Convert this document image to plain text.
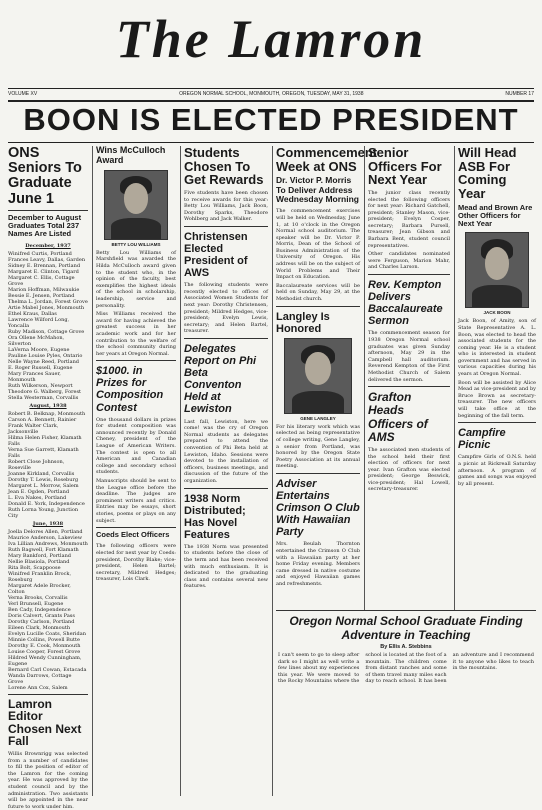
The Lamron
VOLUME XV	OREGON NORMAL SCHOOL, MONMOUTH, OREGON, TUESDAY, MAY 31, 1938	NUMBER 17
BOON IS ELECTED PRESIDENT
ONS Seniors To Graduate June 1
December to August Graduates Total 237 Names Are Listed
December, 1937
Winifred Curtis, Portland
Frances Leavy, Dallas, Garden
Sidney E. Brennan, Portland
Margaret E. Clinton, Tigard
Margaret C. Ellis, Cottage Grove
Marion Hoffman, Milwaukie
Bessie E. Jensen, Portland
Thelma L. Jordan, Forest Grove
Artie Mabel Jones, Monmouth
Ethel Kraus, Dallas
Lawrence Wilford Long, Yoncalla
Ruby Madison, Cottage Grove
Ora Ollene McMahon, Silverton
LaVerna Moore, Eugene
Pauline Louise Pyles, Ontario
Nelle Wayne Reed, Portland
E. Roger Russell, Eugene
Mary Frances Sauer, Monmouth
Ruth Wilkerson, Newport
Theodore G. Walberg, Forest
Stella Westerman, Corvallis
August, 1938
Robert B. Belknap, Monmouth
Carson A. Bennett, Rainier
Frank Walter Clark, Jacksonville
Hilma Helen Fisher, Klamath Falls
Verna Sue Garrett, Klamath Falls
Robert Close Johnson, Roseville
Joanne Kirkland, Corvallis
Dorothy T. Lewis, Roseburg
Margaret L. Morrow, Salem
Jean E. Ogden, Portland
L. Eva Nakes, Portland
Donald E. York, Independence
Ruth Lorna Young, Junction City
June, 1938
Joella Delores Allen, Portland
Maurice Anderson, Lakeview
Iva Lillian Andrews, Monmouth
Ruth Bagwell, Fort Klamath
Mary Bankford, Portland
Nellie Blasiola, Portland
Rita Bolt, Scappoose
Winifred Franklin Brock, Roseburg
Margaret Adele Brocker, Colton
Verna Brooks, Corvallis
Verl Brunsell, Eugene
Ben Cady, Independence
Doris Calvert, Grants Pass
Dorothy Carlson, Portland
Eileen Clark, Monmouth
Evelyn Lucille Coats, Sheridan
Minnie Collins, Powell Butte
Dorothy E. Cook, Monmouth
Louise Cooper, Forest Grove
Hildred Wendy Cunningham, Eugene
Bernard Carl Cowan, Estacada
Wanda Darrows, Cottage Grove
Lorene Ann Cox, Salem
Lamron Editor Chosen Next Fall

Willis Brownrigg was selected from a number of candidates to fill the position of editor of the Lamron for the coming year. He was approved by the student council and by the administration. Two assistants will be appointed in the near future to work under him.

Wins McCulloch Award
BETTY LOU WILLIAMS

Betty Lou Williams of Marshfield was awarded the Hilda McCulloch award given to the student who, in the opinion of the faculty, best exemplifies the highest ideals of the school in scholarship, leadership, service and personality.

Miss Williams received the award for having achieved the greatest success in her academic work and for her contribution to the welfare of the school community during her years at Oregon Normal.

$1000. in Prizes for Composition Contest

One thousand dollars in prizes for student composition was announced recently by Donald Cheney, president of the League of American Writers. The contest is open to all American and Canadian college and secondary school students.

Manuscripts should be sent to the League office before the deadline. The judges are prominent writers and critics. Entries may be essays, short stories, poems or plays on any subject.

Coeds Elect Officers

The following officers were elected for next year by Coeds: president, Dorothy Blake; vice-president, Helen Bartel; secretary, Mildred Hedges; treasurer, Lois Clark.

Students Chosen To Get Rewards

Five students have been chosen to receive awards for this year: Betty Lou Williams, Jack Boon, Dorothy Sparks, Theodore Wohlberg and Jack Walker.

Christensen Elected President of AWS

The following students were recently elected to offices of Associated Women Students for next year: Dorothy Christensen, president; Mildred Hedges, vice-president; Evelyn Lewis, secretary; and Helen Bartel, treasurer.

Delegates Report on Phi Beta Conventon Held at Lewiston

Last fall, Lewiston, here we come! was the cry of Oregon Normal students as delegates prepared to attend the convention of Phi Beta held at Lewiston, Idaho. Sessions were devoted to the installation of officers, business meetings, and discussion of the future of the organization.

1938 Norm Distributed; Has Novel Features

The 1938 Norm was presented to students before the close of the term and has been received with much enthusiasm. It is dedicated to the graduating class and contains several new features.

Commencement Week at ONS
Dr. Victor P. Morris To Deliver Address Wednesday Morning

The commencement exercises will be held on Wednesday, June 1, at 10 o'clock in the Oregon Normal school auditorium. The speaker will be Dr. Victor P. Morris, Dean of the School of Business Administration of the University of Oregon. His address will be on the subject of World Problems and Their Impact on Education.

Baccalaureate services will be held on Sunday, May 29, at the Methodist church.

Langley Is Honored
GENE LANGLEY

For his literary work which was selected as being representative of college writing, Gene Langley, a senior from Portland, was honored by the Oregon State Poetry Association at its annual meeting.

Adviser Entertains Crimson O Club With Hawaiian Party

Mrs. Beulah Thornton entertained the Crimson O Club with a Hawaiian party at her home Friday evening. Members came dressed in native costume and enjoyed Hawaiian games and refreshments.

Senior Officers For Next Year

The junior class recently elected the following officers for next year: Richard Gatchell, president; Stanley Mason, vice-president; Evelyn Cosper, secretary; Barbara Pursell, treasurer; Jean Gibson and Barbara Bent, student council representatives.

Other candidates nominated were Ferguson, Marion Mahr, and Charles Larson.

Rev. Kempton Delivers Baccalaureate Sermon

The commencement season for 1938 Oregon Normal school graduates was given Sunday afternoon, May 29 in the Campbell hall auditorium. Reverend Kempton of the First Methodist Church of Salem delivered the sermon.

Grafton Heads Officers of AMS

The associated men students of the school held their first election of officers for next year. Ivan Grafton was elected president; George Beswick, vice-president; Hal Lowell, secretary-treasurer.

Will Head ASB For Coming Year
Mead and Brown Are Other Officers for Next Year
JACK BOON

Jack Boon, of Amity, son of State Representative A. L. Boon, was elected to head the associated students for the coming year. He is a student who is interested in student government and has served in various capacities during his years at Oregon Normal.

Boon will be assisted by Alice Mead as vice-president and by Bruce Brown as secretary-treasurer. The new officers will take office at the beginning of the fall term.

Campfire Picnic

Campfire Girls of O.N.S. held a picnic at Rickreall Saturday afternoon. A program of games and songs was enjoyed by all present.

Oregon Normal School Graduate Finding Adventure in Teaching
By Ellis A. Stebbins

I can't seem to go to sleep after dark so I might as well write a few lines about my experiences this year. We were moved to the Rocky Mountains where the school is located at the foot of a mountain. The children come from distant ranches and some of them travel many miles each day to reach school. It has been an adventure and I recommend it to anyone who likes to teach in the mountains.
